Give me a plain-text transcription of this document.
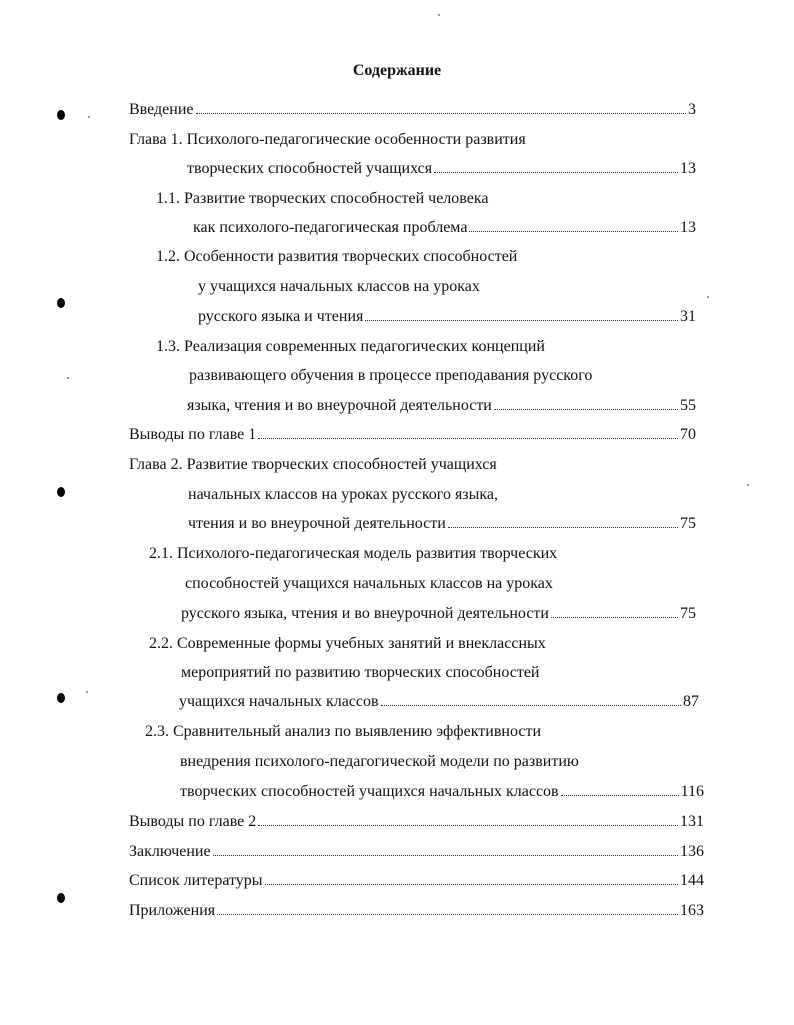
Содержание
Введение	3
Глава 1. Психолого-педагогические особенности развития
творческих способностей учащихся	13
1.1. Развитие творческих способностей человека
как психолого-педагогическая проблема	13
1.2. Особенности развития творческих способностей
у учащихся начальных классов на уроках
русского языка и чтения	31
1.3. Реализация современных педагогических концепций
развивающего обучения в процессе преподавания русского
языка, чтения и во внеурочной деятельности	55
Выводы по главе 1	70
Глава 2. Развитие творческих способностей учащихся
начальных классов на уроках русского языка,
чтения и во внеурочной деятельности	75
2.1. Психолого-педагогическая модель развития творческих
способностей учащихся начальных классов на уроках
русского языка, чтения и во внеурочной деятельности	75
2.2. Современные формы учебных занятий и внеклассных
мероприятий по развитию творческих способностей
учащихся начальных классов	87
2.3. Сравнительный анализ по выявлению эффективности
внедрения психолого-педагогической модели по развитию
творческих способностей учащихся начальных классов	116
Выводы по главе 2	131
Заключение	136
Список литературы	144
Приложения	163
